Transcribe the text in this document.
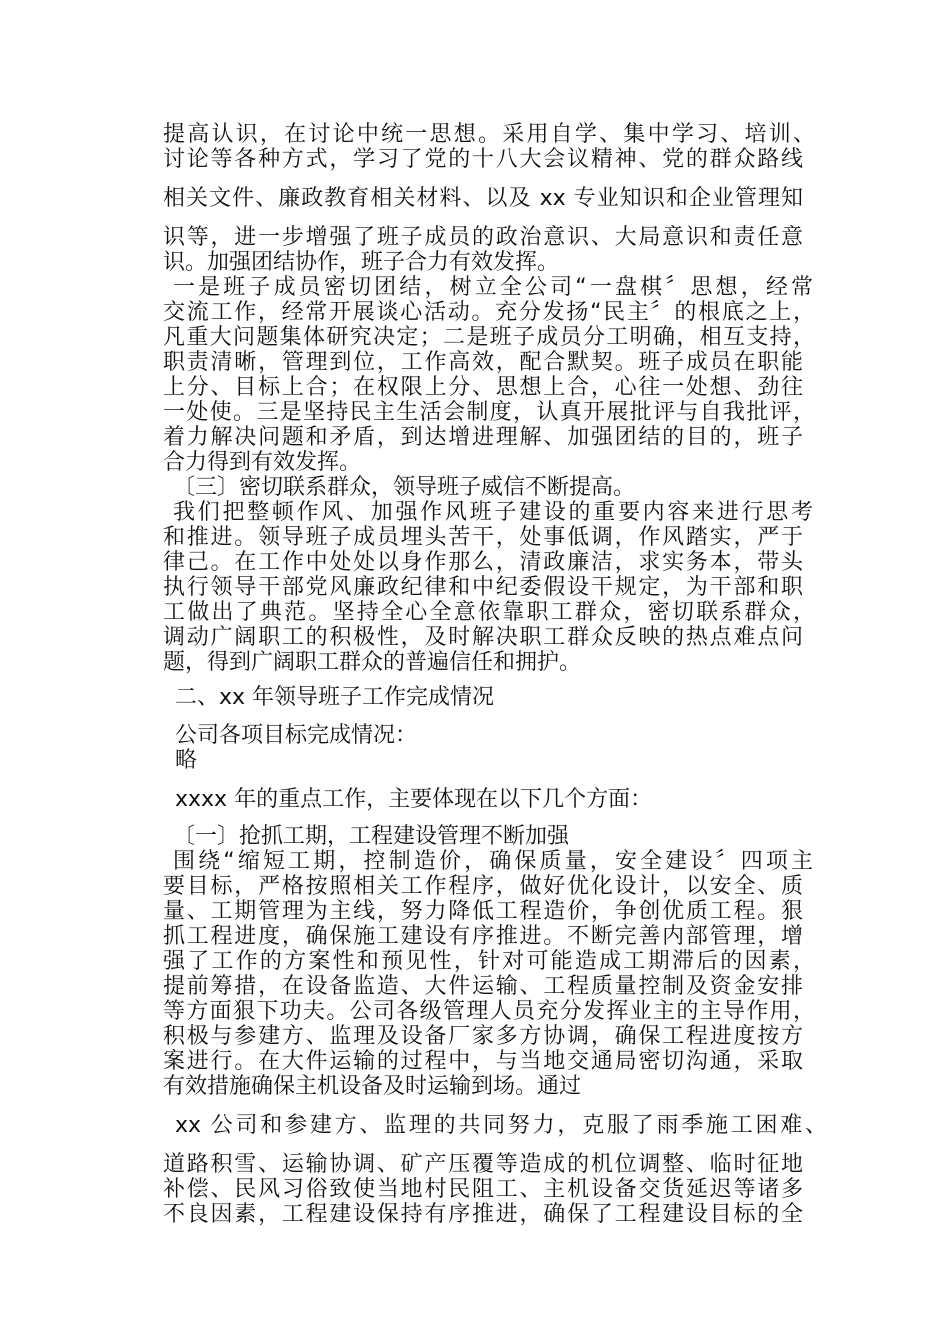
提高认识，在讨论中统一思想。采用自学、集中学习、培训、
讨论等各种方式，学习了党的十八大会议精神、党的群众路线
相关文件、廉政教育相关材料、以及 xx 专业知识和企业管理知
识等，进一步增强了班子成员的政治意识、大局意识和责任意
识。加强团结协作，班子合力有效发挥。
一是班子成员密切团结，树立全公司“一盘棋〞思想，经常
交流工作，经常开展谈心活动。充分发扬“民主〞的根底之上，
凡重大问题集体研究决定；二是班子成员分工明确，相互支持，
职责清晰，管理到位，工作高效，配合默契。班子成员在职能
上分、目标上合；在权限上分、思想上合，心往一处想、劲往
一处使。三是坚持民主生活会制度，认真开展批评与自我批评，
着力解决问题和矛盾，到达增进理解、加强团结的目的，班子
合力得到有效发挥。
〔三〕密切联系群众，领导班子威信不断提高。
我们把整顿作风、加强作风班子建设的重要内容来进行思考
和推进。领导班子成员埋头苦干，处事低调，作风踏实，严于
律己。在工作中处处以身作那么，清政廉洁，求实务本，带头
执行领导干部党风廉政纪律和中纪委假设干规定，为干部和职
工做出了典范。坚持全心全意依靠职工群众，密切联系群众，
调动广阔职工的积极性，及时解决职工群众反映的热点难点问
题，得到广阔职工群众的普遍信任和拥护。
二、xx 年领导班子工作完成情况
公司各项目标完成情况：
略
xxxx 年的重点工作，主要体现在以下几个方面：
〔一〕抢抓工期，工程建设管理不断加强
围绕“缩短工期，控制造价，确保质量，安全建设〞四项主
要目标，严格按照相关工作程序，做好优化设计，以安全、质
量、工期管理为主线，努力降低工程造价，争创优质工程。狠
抓工程进度，确保施工建设有序推进。不断完善内部管理，增
强了工作的方案性和预见性，针对可能造成工期滞后的因素，
提前筹措，在设备监造、大件运输、工程质量控制及资金安排
等方面狠下功夫。公司各级管理人员充分发挥业主的主导作用，
积极与参建方、监理及设备厂家多方协调，确保工程进度按方
案进行。在大件运输的过程中，与当地交通局密切沟通，采取
有效措施确保主机设备及时运输到场。通过
xx 公司和参建方、监理的共同努力，克服了雨季施工困难、
道路积雪、运输协调、矿产压覆等造成的机位调整、临时征地
补偿、民风习俗致使当地村民阻工、主机设备交货延迟等诸多
不良因素，工程建设保持有序推进，确保了工程建设目标的全
